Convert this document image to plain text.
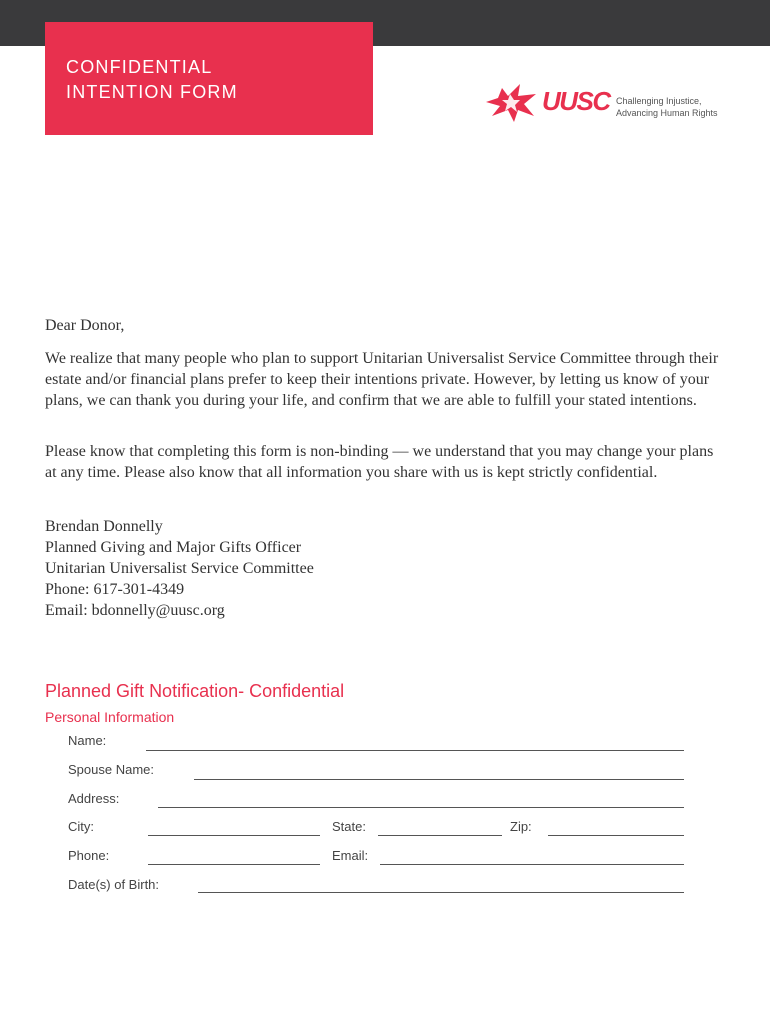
CONFIDENTIAL
INTENTION FORM	UUSC Challenging Injustice,
Advancing Human Rights
Dear Donor,
We realize that many people who plan to support Unitarian Universalist Service Committee through their estate and/or financial plans prefer to keep their intentions private. However, by letting us know of your plans, we can thank you during your life, and confirm that we are able to fulfill your stated intentions.
Please know that completing this form is non-binding — we understand that you may change your plans at any time. Please also know that all information you share with us is kept strictly confidential.

Brendan Donnelly

Planned Giving and Major Gifts Officer

Unitarian Universalist Service Committee

Phone: 617-301-4349

Email: bdonnelly@uusc.org

Planned Gift Notification- Confidential
Personal Information
Name:
Spouse Name:
Address:
City:	State:	Zip:
Phone:	Email:
Date(s) of Birth:
